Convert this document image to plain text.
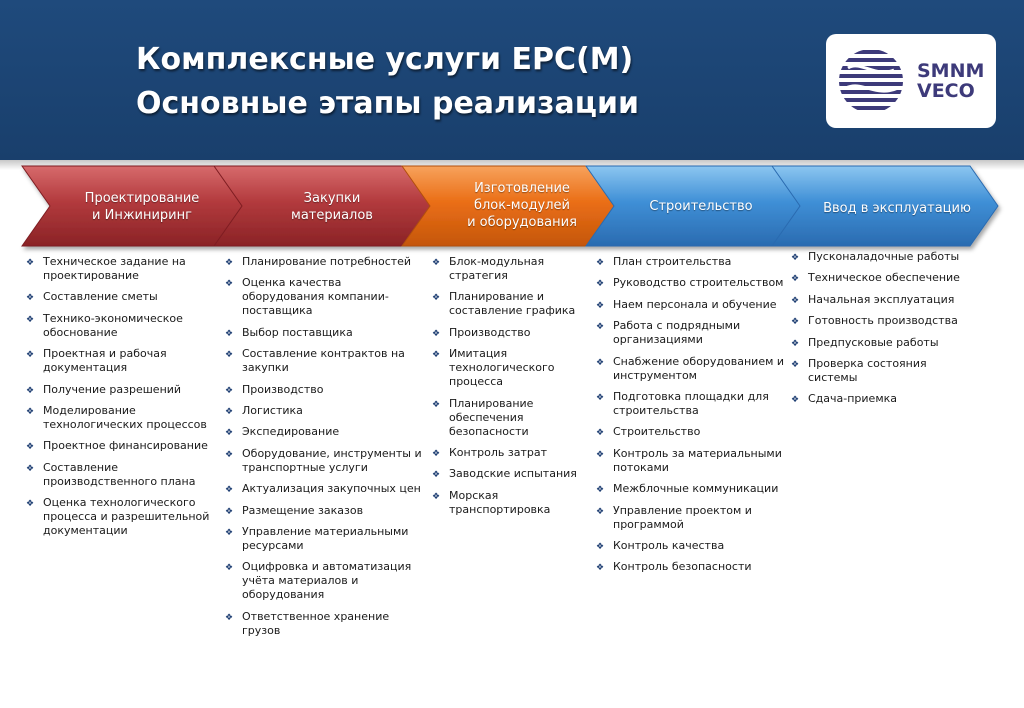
Комплексные услуги EPC(M)
Основные этапы реализации
SMNM
VECO
Проектирование
и Инжиниринг
Закупки
материалов
Изготовление
блок-модулей
и оборудования
Строительство	Ввод в эксплуатацию
❖ Техническое задание на проектирование
❖ Составление сметы
❖ Технико-экономическое обоснование
❖ Проектная и рабочая документация
❖ Получение разрешений
❖ Моделирование технологических процессов
❖ Проектное финансирование
❖ Составление производственного плана
❖ Оценка технологического процесса и разрешительной документации
❖ Планирование потребностей
❖ Оценка качества оборудования компании-поставщика
❖ Выбор поставщика
❖ Составление контрактов на закупки
❖ Производство
❖ Логистика
❖ Экспедирование
❖ Оборудование, инструменты и транспортные услуги
❖ Актуализация закупочных цен
❖ Размещение заказов
❖ Управление материальными ресурсами
❖ Оцифровка и автоматизация учёта материалов и оборудования
❖ Ответственное хранение грузов
❖ Блок-модульная стратегия
❖ Планирование и составление графика
❖ Производство
❖ Имитация технологического процесса
❖ Планирование обеспечения безопасности
❖ Контроль затрат
❖ Заводские испытания
❖ Морская транспортировка
❖ План строительства
❖ Руководство строительством
❖ Наем персонала и обучение
❖ Работа с подрядными организациями
❖ Снабжение оборудованием и инструментом
❖ Подготовка площадки для строительства
❖ Строительство
❖ Контроль за материальными потоками
❖ Межблочные коммуникации
❖ Управление проектом и программой
❖ Контроль качества
❖ Контроль безопасности
❖ Пусконаладочные работы
❖ Техническое обеспечение
❖ Начальная эксплуатация
❖ Готовность производства
❖ Предпусковые работы
❖ Проверка состояния системы
❖ Сдача-приемка
